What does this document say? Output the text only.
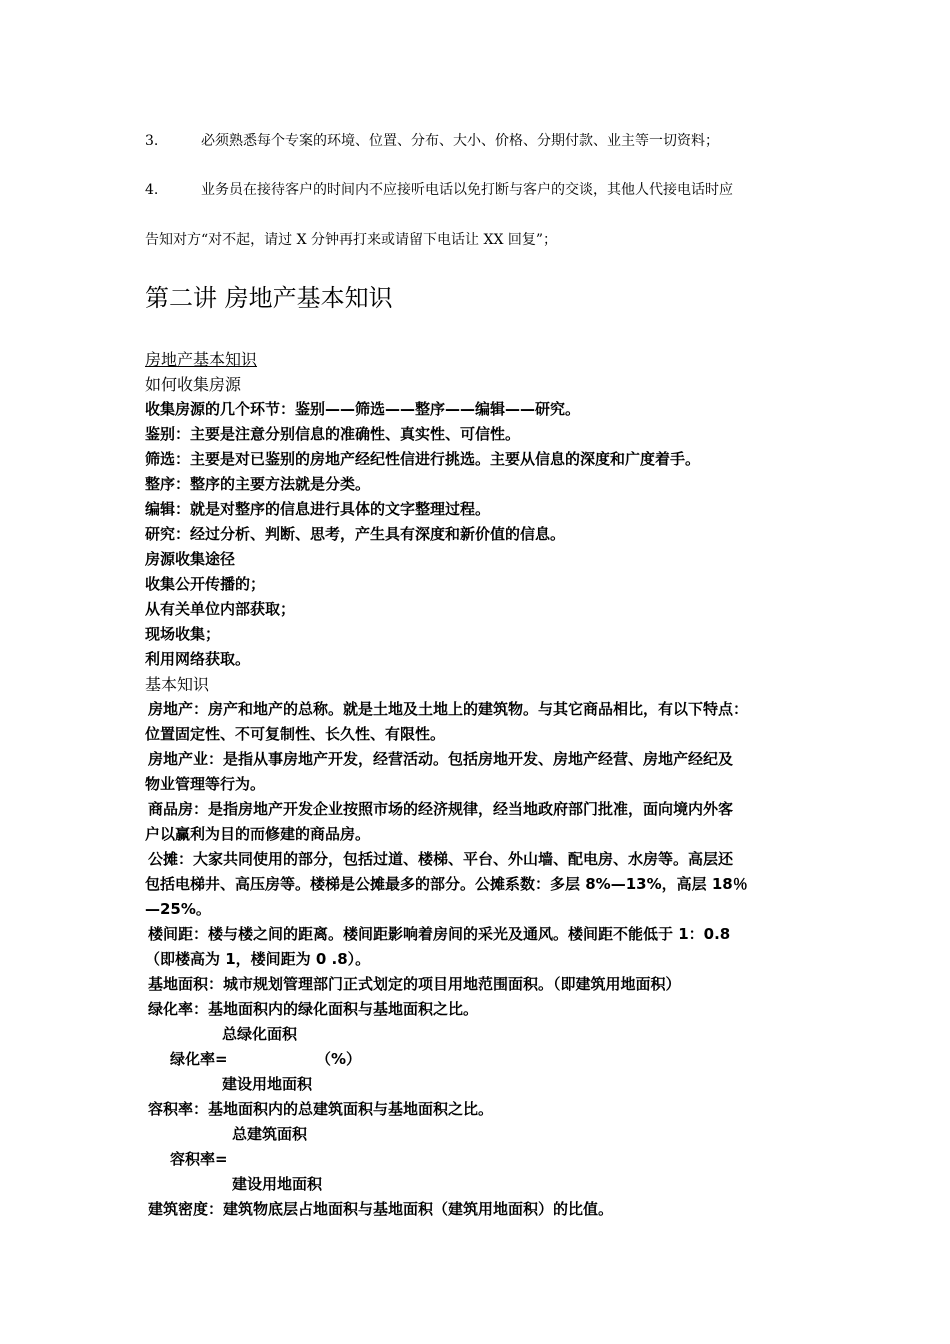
3.	必须熟悉每个专案的环境、位置、分布、大小、价格、分期付款、业主等一切资料；
4.	业务员在接待客户的时间内不应接听电话以免打断与客户的交谈，其他人代接电话时应
告知对方“对不起，请过 X 分钟再打来或请留下电话让 XX 回复”；
第二讲 房地产基本知识
房地产基本知识
如何收集房源
收集房源的几个环节：鉴别——筛选——整序——编辑——研究。
鉴别：主要是注意分别信息的准确性、真实性、可信性。
筛选：主要是对已鉴别的房地产经纪性信进行挑选。主要从信息的深度和广度着手。
整序：整序的主要方法就是分类。
编辑：就是对整序的信息进行具体的文字整理过程。
研究：经过分析、判断、思考，产生具有深度和新价值的信息。
房源收集途径
收集公开传播的；
从有关单位内部获取；
现场收集；
利用网络获取。
基本知识
房地产：房产和地产的总称。就是土地及土地上的建筑物。与其它商品相比，有以下特点：
位置固定性、不可复制性、长久性、有限性。
房地产业：是指从事房地产开发，经营活动。包括房地开发、房地产经营、房地产经纪及
物业管理等行为。
商品房：是指房地产开发企业按照市场的经济规律，经当地政府部门批准，面向境内外客
户以赢利为目的而修建的商品房。
公摊：大家共同使用的部分，包括过道、楼梯、平台、外山墙、配电房、水房等。高层还
包括电梯井、高压房等。楼梯是公摊最多的部分。公摊系数：多层 8%—13%，高层 18％
—25%。
楼间距：楼与楼之间的距离。楼间距影响着房间的采光及通风。楼间距不能低于 1：0.8
（即楼高为 1，楼间距为 0 .8）。
基地面积：城市规划管理部门正式划定的项目用地范围面积。（即建筑用地面积）
绿化率：基地面积内的绿化面积与基地面积之比。
总绿化面积
绿化率=	（%）
建设用地面积
容积率：基地面积内的总建筑面积与基地面积之比。
总建筑面积
容积率=
建设用地面积
建筑密度：建筑物底层占地面积与基地面积（建筑用地面积）的比值。
